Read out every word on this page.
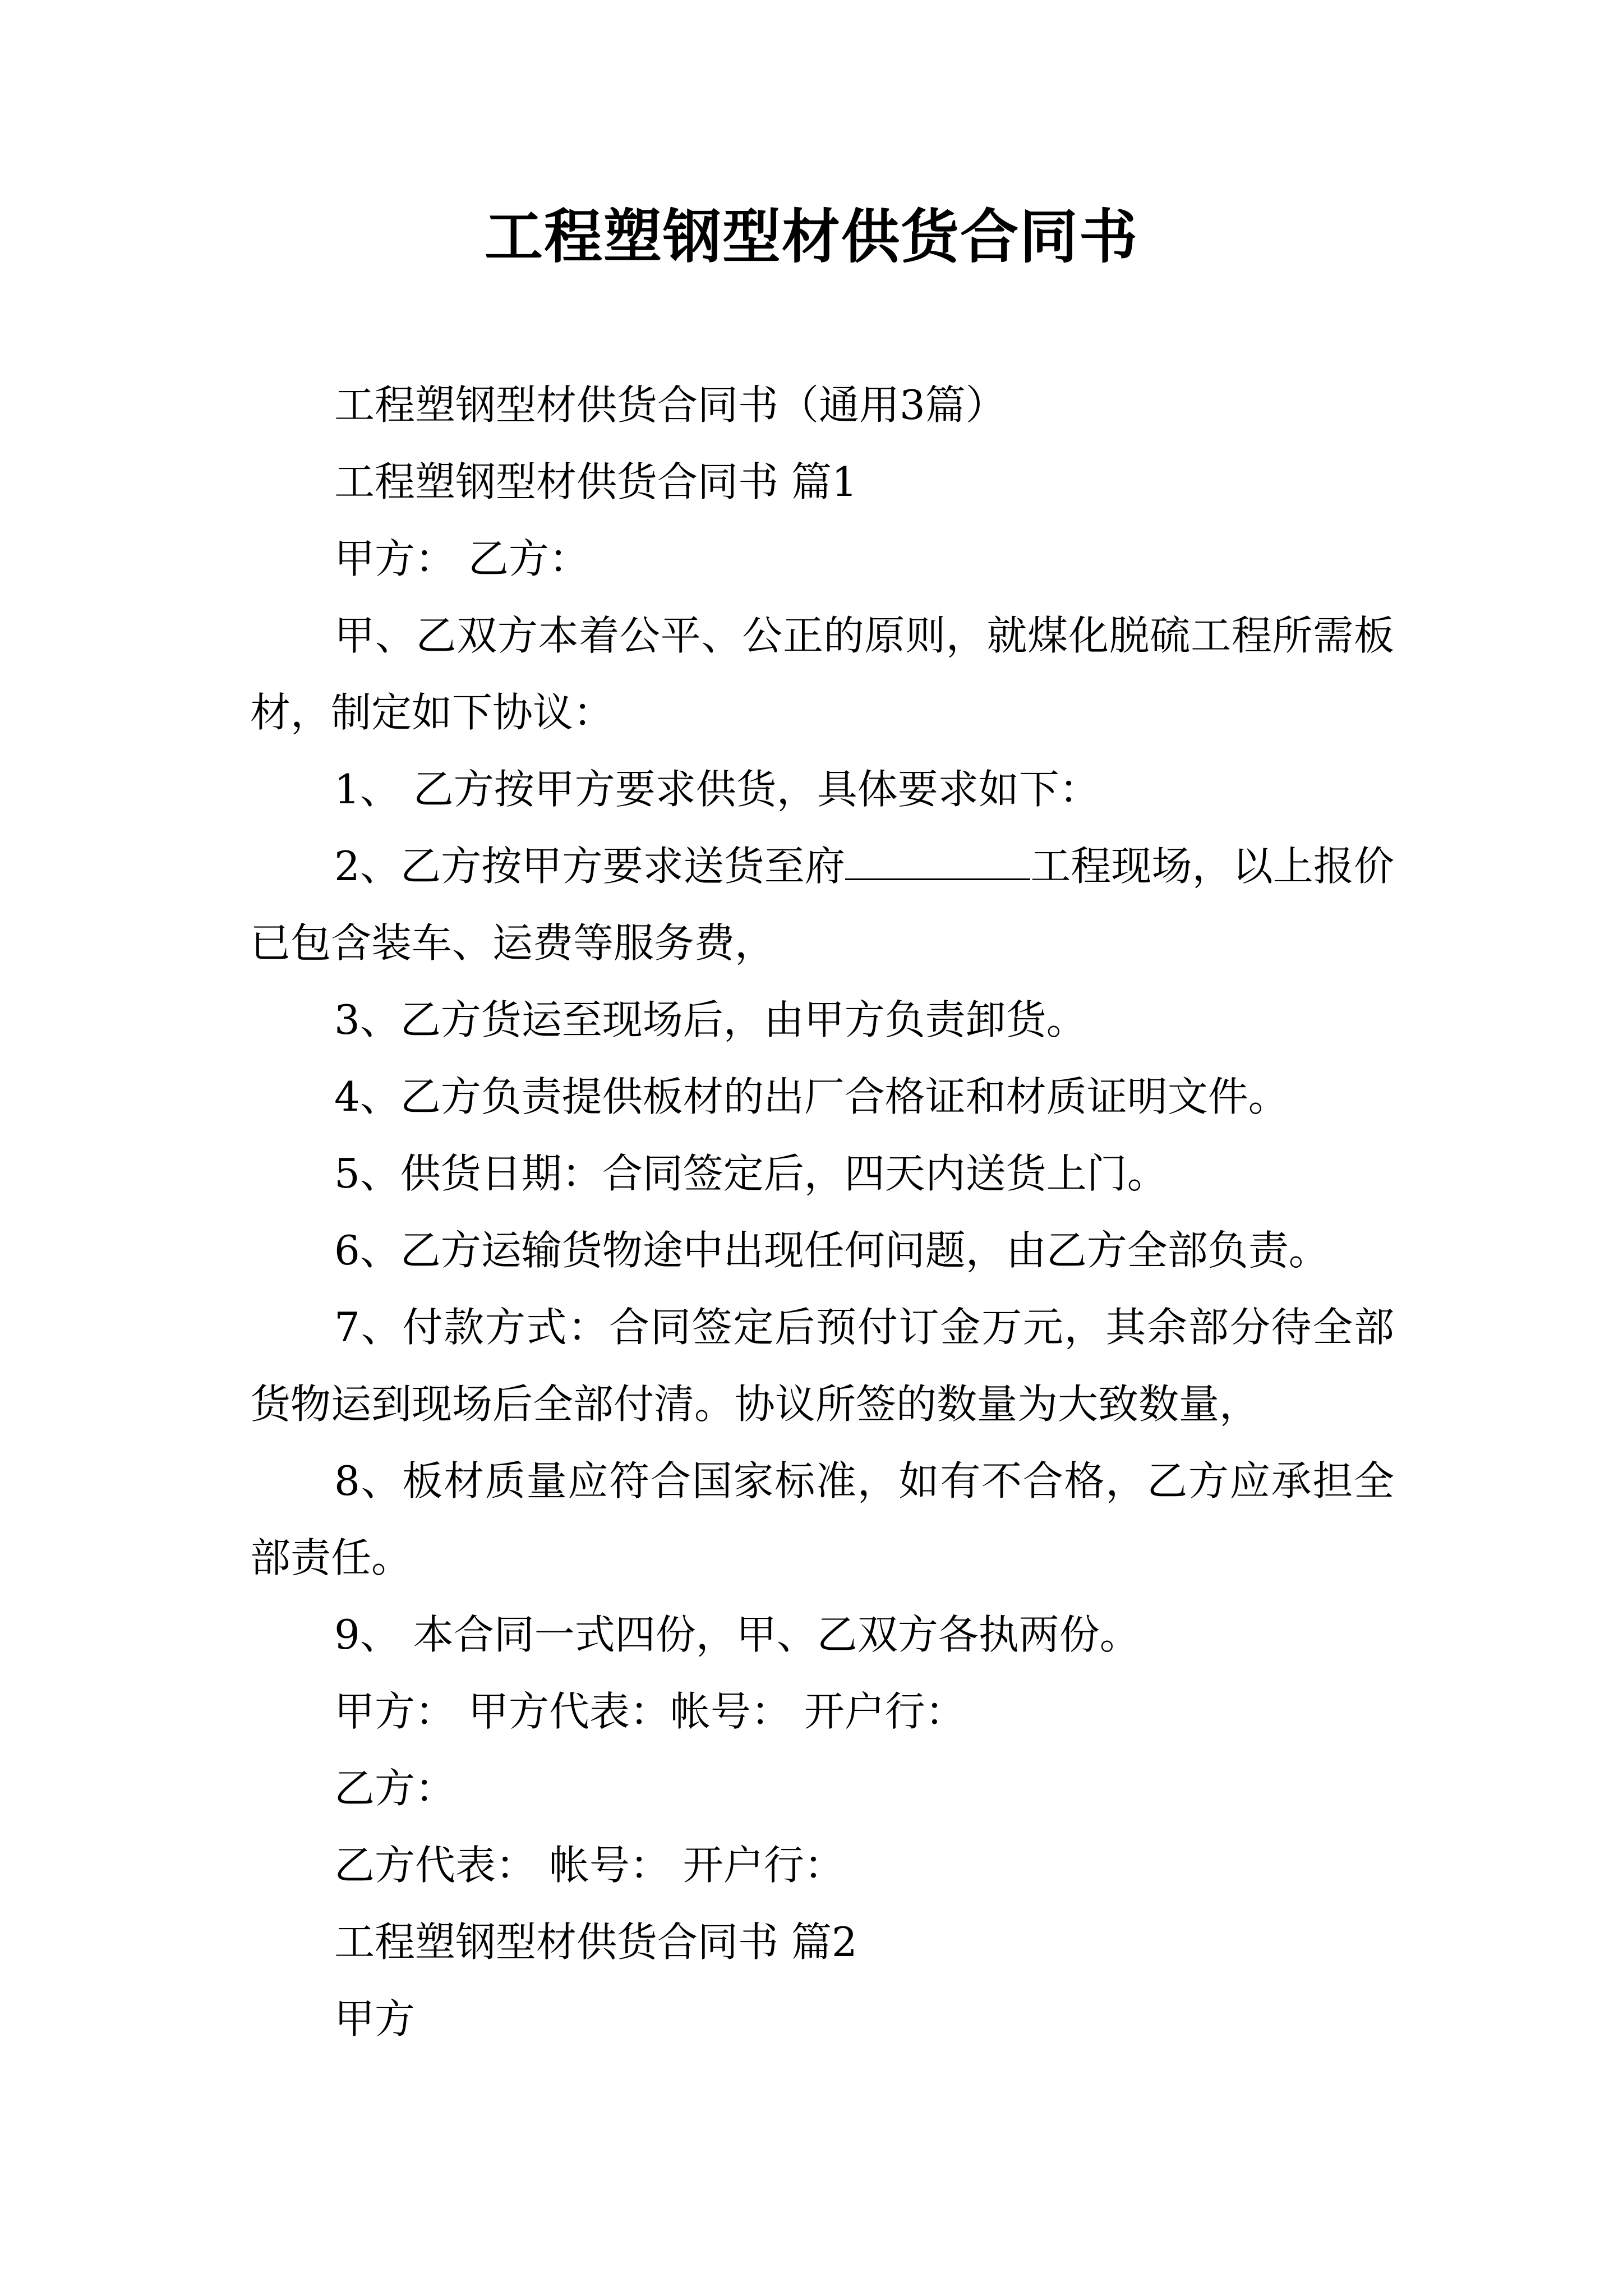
工程塑钢型材供货合同书

工程塑钢型材供货合同书（通用3篇）

工程塑钢型材供货合同书 篇1

甲方： 乙方：

甲、乙双方本着公平、公正的原则，就煤化脱硫工程所需板材，制定如下协议：

1、 乙方按甲方要求供货，具体要求如下：

2、乙方按甲方要求送货至府	工程现场，以上报价已包含装车、运费等服务费，

3、乙方货运至现场后，由甲方负责卸货。

4、乙方负责提供板材的出厂合格证和材质证明文件。

5、供货日期：合同签定后，四天内送货上门。

6、乙方运输货物途中出现任何问题，由乙方全部负责。

7、付款方式：合同签定后预付订金万元，其余部分待全部货物运到现场后全部付清。协议所签的数量为大致数量，

8、板材质量应符合国家标准，如有不合格，乙方应承担全部责任。

9、 本合同一式四份，甲、乙双方各执两份。

甲方： 甲方代表：帐号： 开户行：

乙方：

乙方代表： 帐号： 开户行：

工程塑钢型材供货合同书 篇2

甲方
